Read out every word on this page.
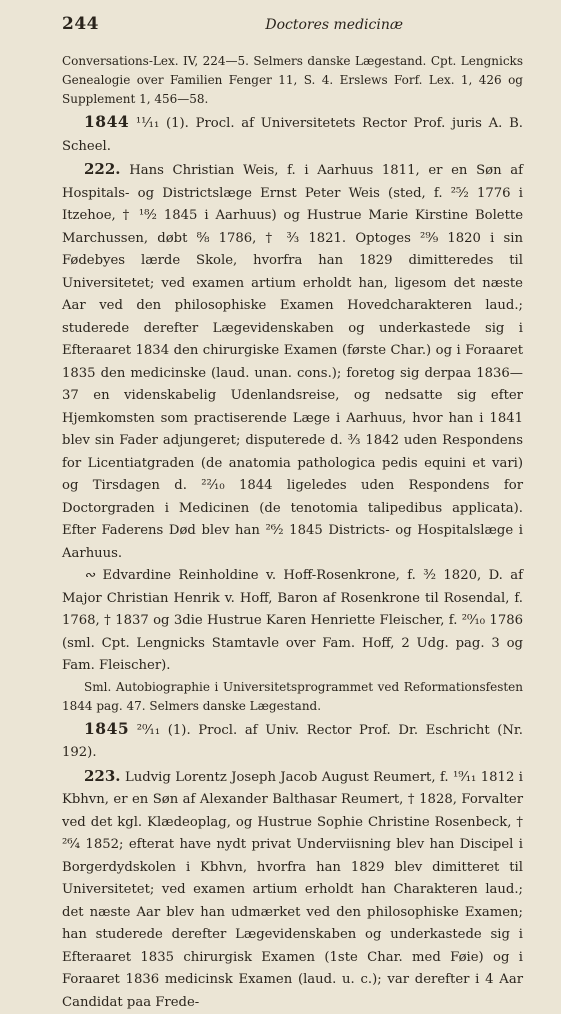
244	Doctores medicinæ

Conversations-Lex. IV, 224—5. Selmers danske Lægestand. Cpt. Lengnicks Genealogie over Familien Fenger 11, S. 4. Erslews Forf. Lex. 1, 426 og Supplement 1, 456—58.

1844 ¹¹⁄₁₁ (1). Procl. af Universitetets Rector Prof. juris A. B. Scheel.

222. Hans Christian Weis, f. i Aarhuus 1811, er en Søn af Hospitals- og Districtslæge Ernst Peter Weis (sted, f. ²⁵⁄₂ 1776 i Itzehoe, † ¹⁸⁄₂ 1845 i Aarhuus) og Hustrue Marie Kirstine Bolette Marchussen, døbt ⁸⁄₈ 1786, † ³⁄₃ 1821. Optoges ²⁹⁄₉ 1820 i sin Fødebyes lærde Skole, hvorfra han 1829 dimitteredes til Universitetet; ved examen artium erholdt han, ligesom det næste Aar ved den philosophiske Examen Hovedcharakteren laud.; studerede derefter Lægevidenskaben og underkastede sig i Efteraaret 1834 den chirurgiske Examen (første Char.) og i Foraaret 1835 den medicinske (laud. unan. cons.); foretog sig derpaa 1836—37 en videnskabelig Udenlandsreise, og nedsatte sig efter Hjemkomsten som practiserende Læge i Aarhuus, hvor han i 1841 blev sin Fader adjungeret; disputerede d. ³⁄₃ 1842 uden Respondens for Licentiatgraden (de anatomia pathologica pedis equini et vari) og Tirsdagen d. ²²⁄₁₀ 1844 ligeledes uden Respondens for Doctorgraden i Medicinen (de tenotomia talipedibus applicata). Efter Faderens Død blev han ²⁶⁄₂ 1845 Districts- og Hospitalslæge i Aarhuus.

∾ Edvardine Reinholdine v. Hoff-Rosenkrone, f. ³⁄₂ 1820, D. af Major Christian Henrik v. Hoff, Baron af Rosenkrone til Rosendal, f. 1768, † 1837 og 3die Hustrue Karen Henriette Fleischer, f. ²⁰⁄₁₀ 1786 (sml. Cpt. Lengnicks Stamtavle over Fam. Hoff, 2 Udg. pag. 3 og Fam. Fleischer).

Sml. Autobiographie i Universitetsprogrammet ved Reformationsfesten 1844 pag. 47. Selmers danske Lægestand.

1845 ²⁰⁄₁₁ (1). Procl. af Univ. Rector Prof. Dr. Eschricht (Nr. 192).

223. Ludvig Lorentz Joseph Jacob August Reumert, f. ¹⁹⁄₁₁ 1812 i Kbhvn, er en Søn af Alexander Balthasar Reumert, † 1828, Forvalter ved det kgl. Klædeoplag, og Hustrue Sophie Christine Rosenbeck, † ²⁶⁄₄ 1852; efterat have nydt privat Underviisning blev han Discipel i Borgerdydskolen i Kbhvn, hvorfra han 1829 blev dimitteret til Universitetet; ved examen artium erholdt han Charakteren laud.; det næste Aar blev han udmærket ved den philosophiske Examen; han studerede derefter Lægevidenskaben og underkastede sig i Efteraaret 1835 chirurgisk Examen (1ste Char. med Føie) og i Foraaret 1836 medicinsk Examen (laud. u. c.); var derefter i 4 Aar Candidat paa Frede-
